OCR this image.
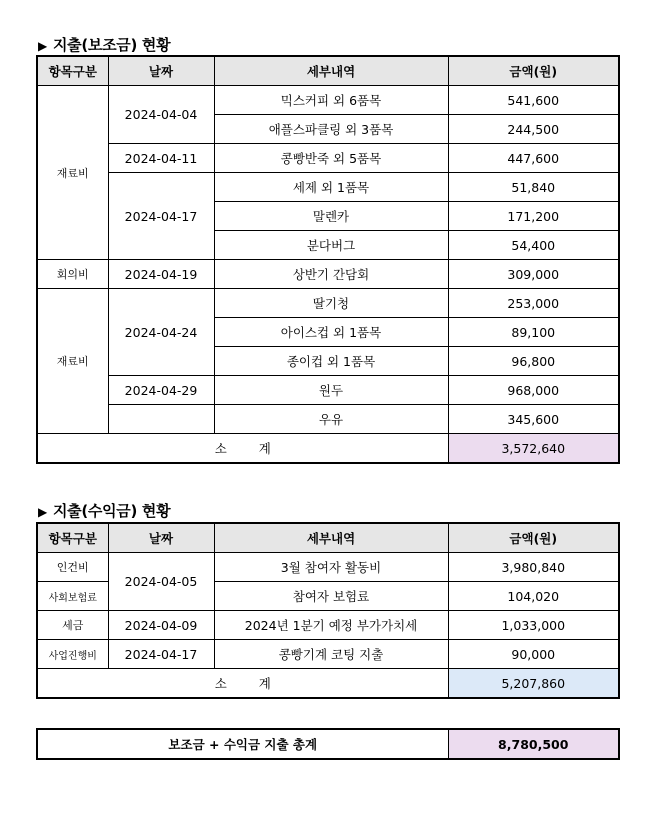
▶ 지출(보조금) 현황
항목구분	날짜	세부내역	금액(원)
재료비	2024-04-04	믹스커피 외 6품목	541,600
		애플스파클링 외 3품목	244,500
	2024-04-11	콩빵반죽 외 5품목	447,600
	2024-04-17	세제 외 1품목	51,840
		말렌카	171,200
		분다버그	54,400
회의비	2024-04-19	상반기 간담회	309,000
재료비	2024-04-24	딸기청	253,000
		아이스컵 외 1품목	89,100
		종이컵 외 1품목	96,800
	2024-04-29	원두	968,000
		우유	345,600
소 계			3,572,640
▶ 지출(수익금) 현황
항목구분	날짜	세부내역	금액(원)
인건비	2024-04-05	3월 참여자 활동비	3,980,840
사회보험료		참여자 보험료	104,020
세금	2024-04-09	2024년 1분기 예정 부가가치세	1,033,000
사업진행비	2024-04-17	콩빵기계 코팅 지출	90,000
소 계			5,207,860
보조금 + 수익금 지출 총계	8,780,500
